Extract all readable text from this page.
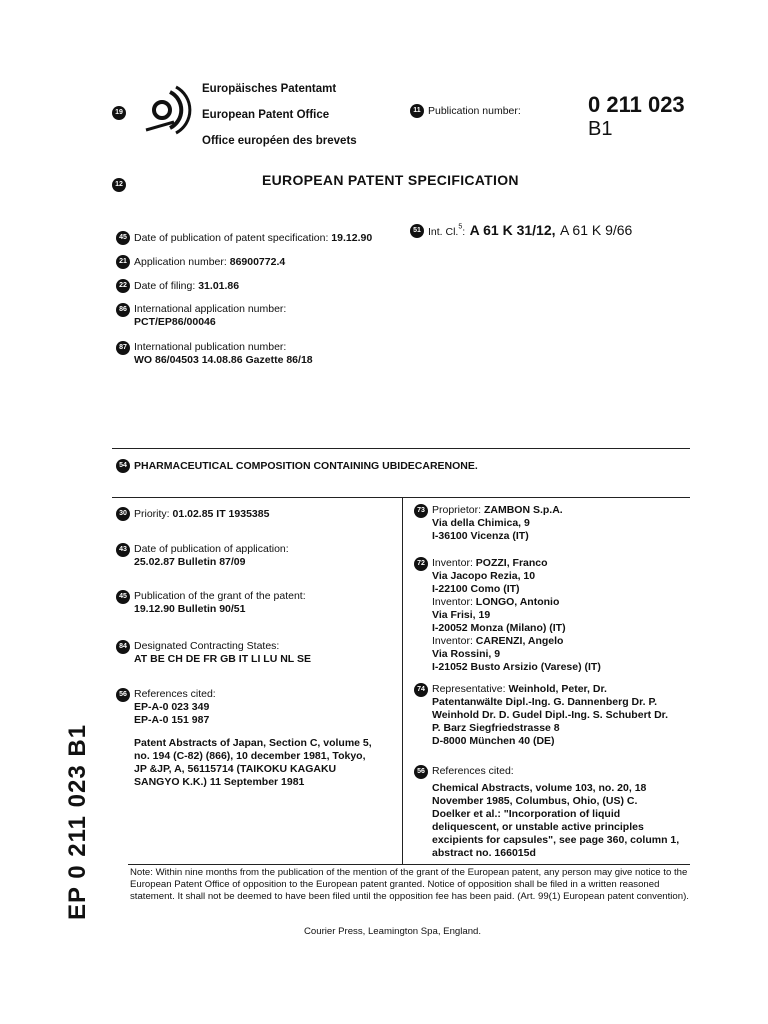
19
Europäisches Patentamt
European Patent Office
Office européen des brevets
11 Publication number:	0 211 023
B1
12	EUROPEAN PATENT SPECIFICATION
45 Date of publication of patent specification: 19.12.90
51 Int. Cl.$^5$: A 61 K 31/12, A 61 K 9/66
21 Application number: 86900772.4
22 Date of filing: 31.01.86
86 International application number:
PCT/EP86/00046
87 International publication number:
WO 86/04503 14.08.86 Gazette 86/18
54 PHARMACEUTICAL COMPOSITION CONTAINING UBIDECARENONE.
30 Priority: 01.02.85 IT 1935385
43 Date of publication of application:
25.02.87 Bulletin 87/09
45 Publication of the grant of the patent:
19.12.90 Bulletin 90/51
84 Designated Contracting States:
AT BE CH DE FR GB IT LI LU NL SE
56 References cited:
EP-A-0 023 349
EP-A-0 151 987
Patent Abstracts of Japan, Section C, volume 5,
no. 194 (C-82) (866), 10 december 1981, Tokyo,
JP &JP, A, 56115714 (TAIKOKU KAGAKU
SANGYO K.K.) 11 September 1981
73 Proprietor: ZAMBON S.p.A.
Via della Chimica, 9
I-36100 Vicenza (IT)
72 Inventor: POZZI, Franco
Via Jacopo Rezia, 10
I-22100 Como (IT)
Inventor: LONGO, Antonio
Via Frisi, 19
I-20052 Monza (Milano) (IT)
Inventor: CARENZI, Angelo
Via Rossini, 9
I-21052 Busto Arsizio (Varese) (IT)
74 Representative: Weinhold, Peter, Dr.
Patentanwälte Dipl.-Ing. G. Dannenberg Dr. P.
Weinhold Dr. D. Gudel Dipl.-Ing. S. Schubert Dr.
P. Barz Siegfriedstrasse 8
D-8000 München 40 (DE)
56 References cited:
Chemical Abstracts, volume 103, no. 20, 18
November 1985, Columbus, Ohio, (US) C.
Doelker et al.: "Incorporation of liquid
deliquescent, or unstable active principles
excipients for capsules", see page 360, column 1,
abstract no. 166015d
Note: Within nine months from the publication of the mention of the grant of the European patent, any person may give notice to the European Patent Office of opposition to the European patent granted. Notice of opposition shall be filed in a written reasoned statement. It shall not be deemed to have been filed until the opposition fee has been paid. (Art. 99(1) European patent convention).
Courier Press, Leamington Spa, England.
EP 0 211 023 B1
